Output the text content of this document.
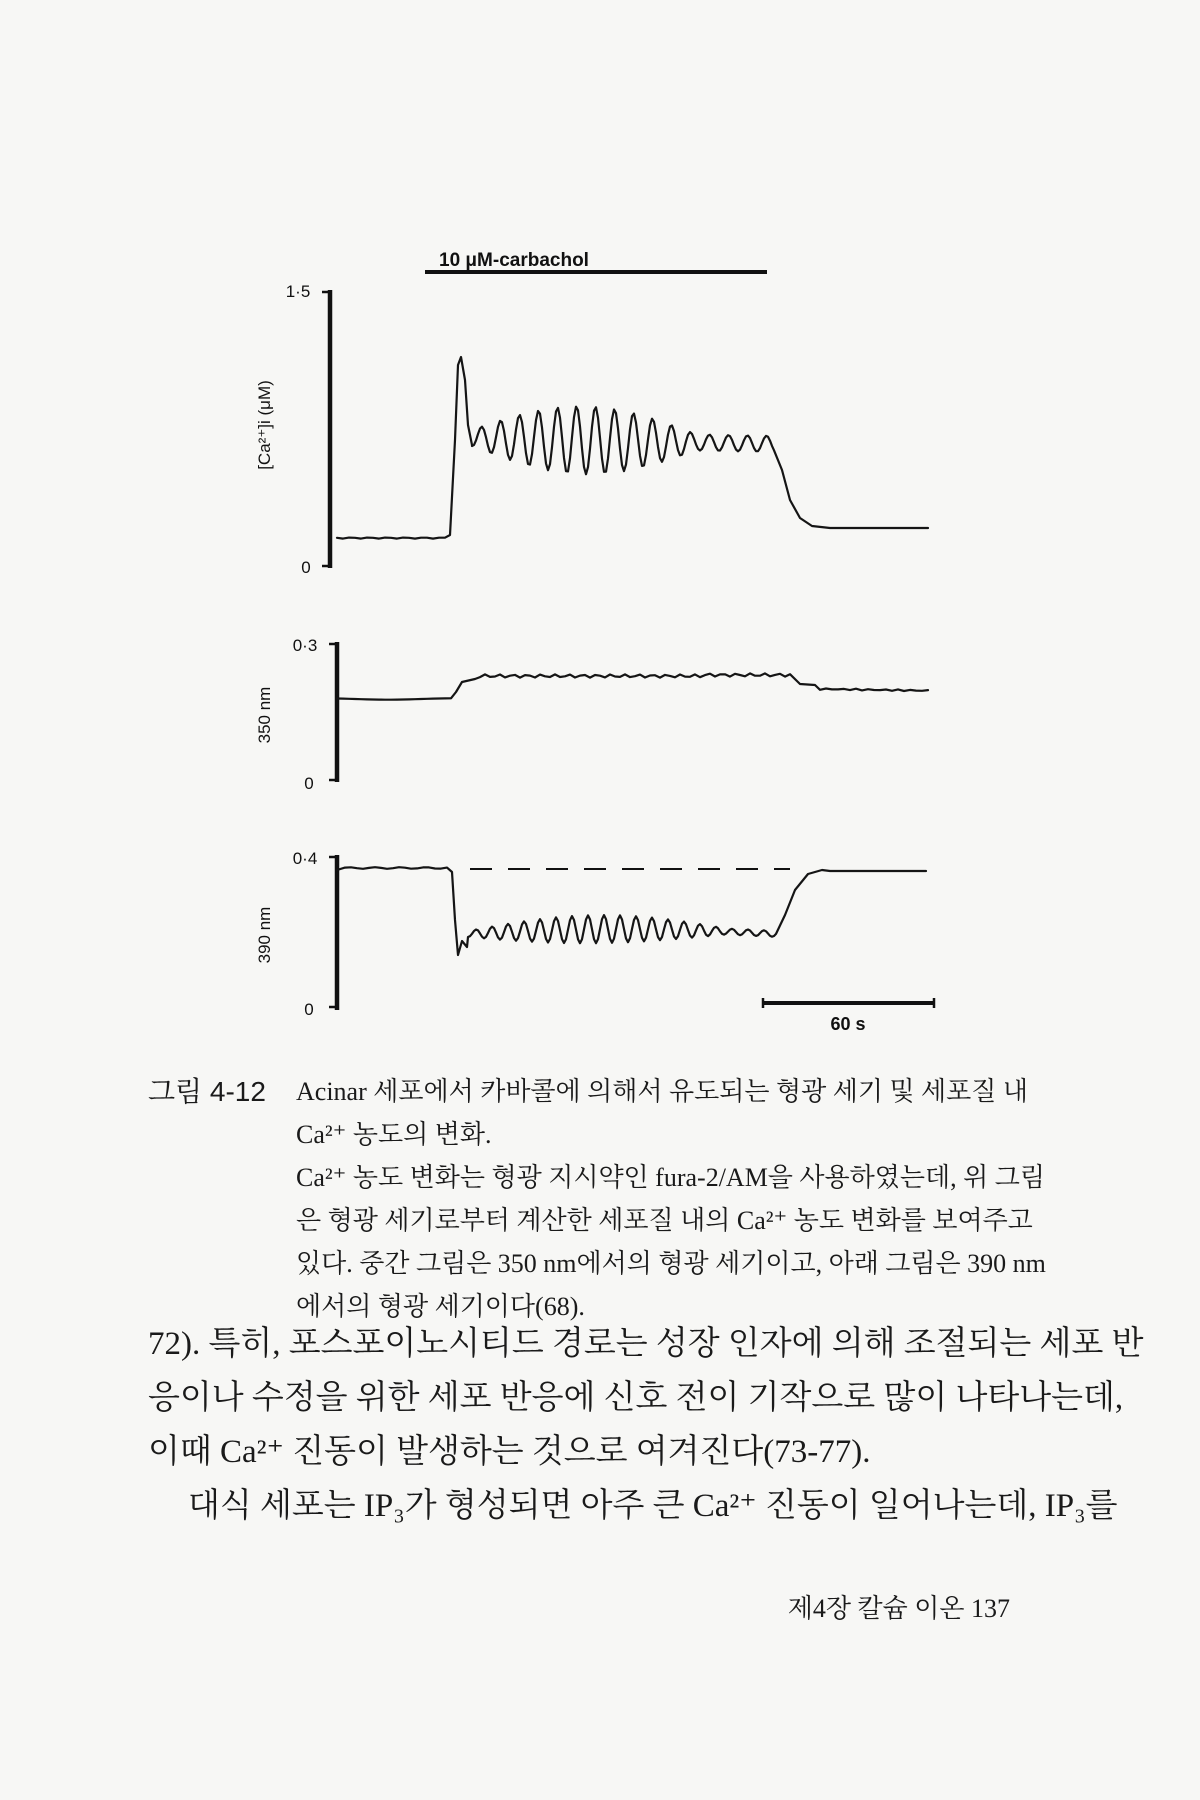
10 μM-carbachol
1·5
0
[Ca²⁺]i (μM)
0·3
0
350 nm
0·4
0
390 nm
60 s
그림 4-12 Acinar 세포에서 카바콜에 의해서 유도되는 형광 세기 및 세포질 내
Ca²⁺ 농도의 변화.
Ca²⁺ 농도 변화는 형광 지시약인 fura-2/AM을 사용하였는데, 위 그림
은 형광 세기로부터 계산한 세포질 내의 Ca²⁺ 농도 변화를 보여주고
있다. 중간 그림은 350 nm에서의 형광 세기이고, 아래 그림은 390 nm
에서의 형광 세기이다(68).
72). 특히, 포스포이노시티드 경로는 성장 인자에 의해 조절되는 세포 반
응이나 수정을 위한 세포 반응에 신호 전이 기작으로 많이 나타나는데,
이때 Ca²⁺ 진동이 발생하는 것으로 여겨진다(73-77).
대식 세포는 IP₃가 형성되면 아주 큰 Ca²⁺ 진동이 일어나는데, IP₃를
제4장 칼슘 이온 137
